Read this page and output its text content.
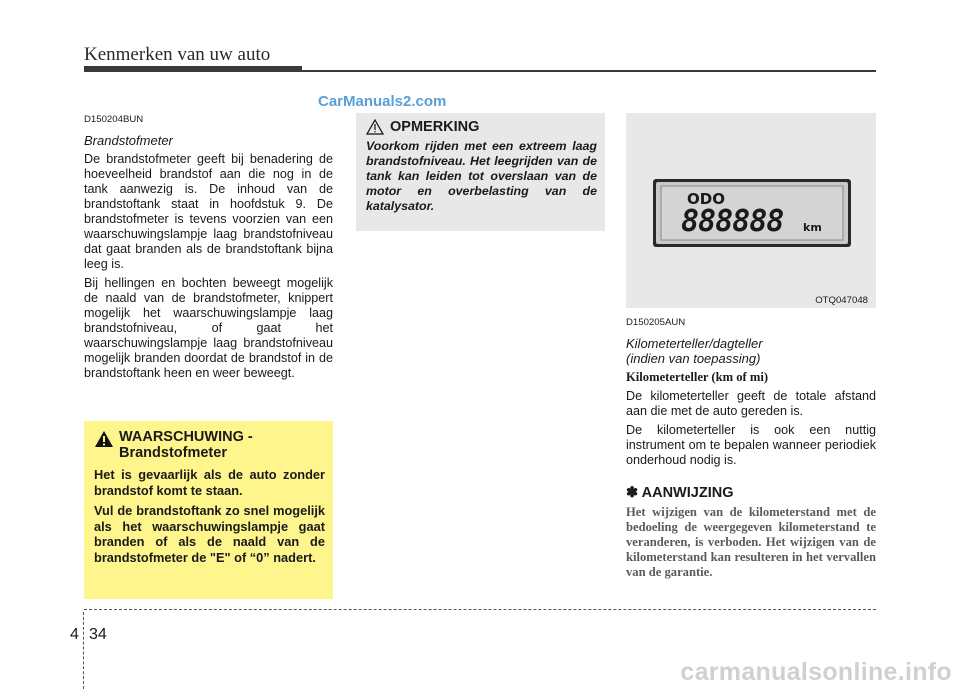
Kenmerken van uw auto
CarManuals2.com
D150204BUN
Brandstofmeter

De brandstofmeter geeft bij benadering de hoeveelheid brandstof aan die nog in de tank aanwezig is. De inhoud van de brandstoftank staat in hoofdstuk 9. De brandstofmeter is tevens voorzien van een waarschuwingslampje laag brandstofniveau dat gaat branden als de brandstoftank bijna leeg is.

Bij hellingen en bochten beweegt mogelijk de naald van de brandstofmeter, knippert mogelijk het waarschuwingslampje laag brandstofniveau, of gaat het waarschuwingslampje laag brandstofniveau mogelijk branden doordat de brandstof in de brandstoftank heen en weer beweegt.

WAARSCHUWING -
Brandstofmeter

Het is gevaarlijk als de auto zonder brandstof komt te staan.

Vul de brandstoftank zo snel mogelijk als het waarschuwingslampje gaat branden of als de naald van de brandstofmeter de "E" of “0” nadert.

OPMERKING
Voorkom rijden met een extreem laag brandstofniveau. Het leegrijden van de tank kan leiden tot overslaan van de motor en overbelasting van de katalysator.	ODO
888888 km
OTQ047048
D150205AUN
Kilometerteller/dagteller
(indien van toepassing)
Kilometerteller (km of mi)

De kilometerteller geeft de totale afstand aan die met de auto gereden is.

De kilometerteller is ook een nuttig instrument om te bepalen wanneer periodiek onderhoud nodig is.

✽ AANWIJZING
Het wijzigen van de kilometerstand met de bedoeling de weergegeven kilometerstand te veranderen, is verboden. Het wijzigen van de kilometerstand kan resulteren in het vervallen van de garantie.
4 34
carmanualsonline.info
